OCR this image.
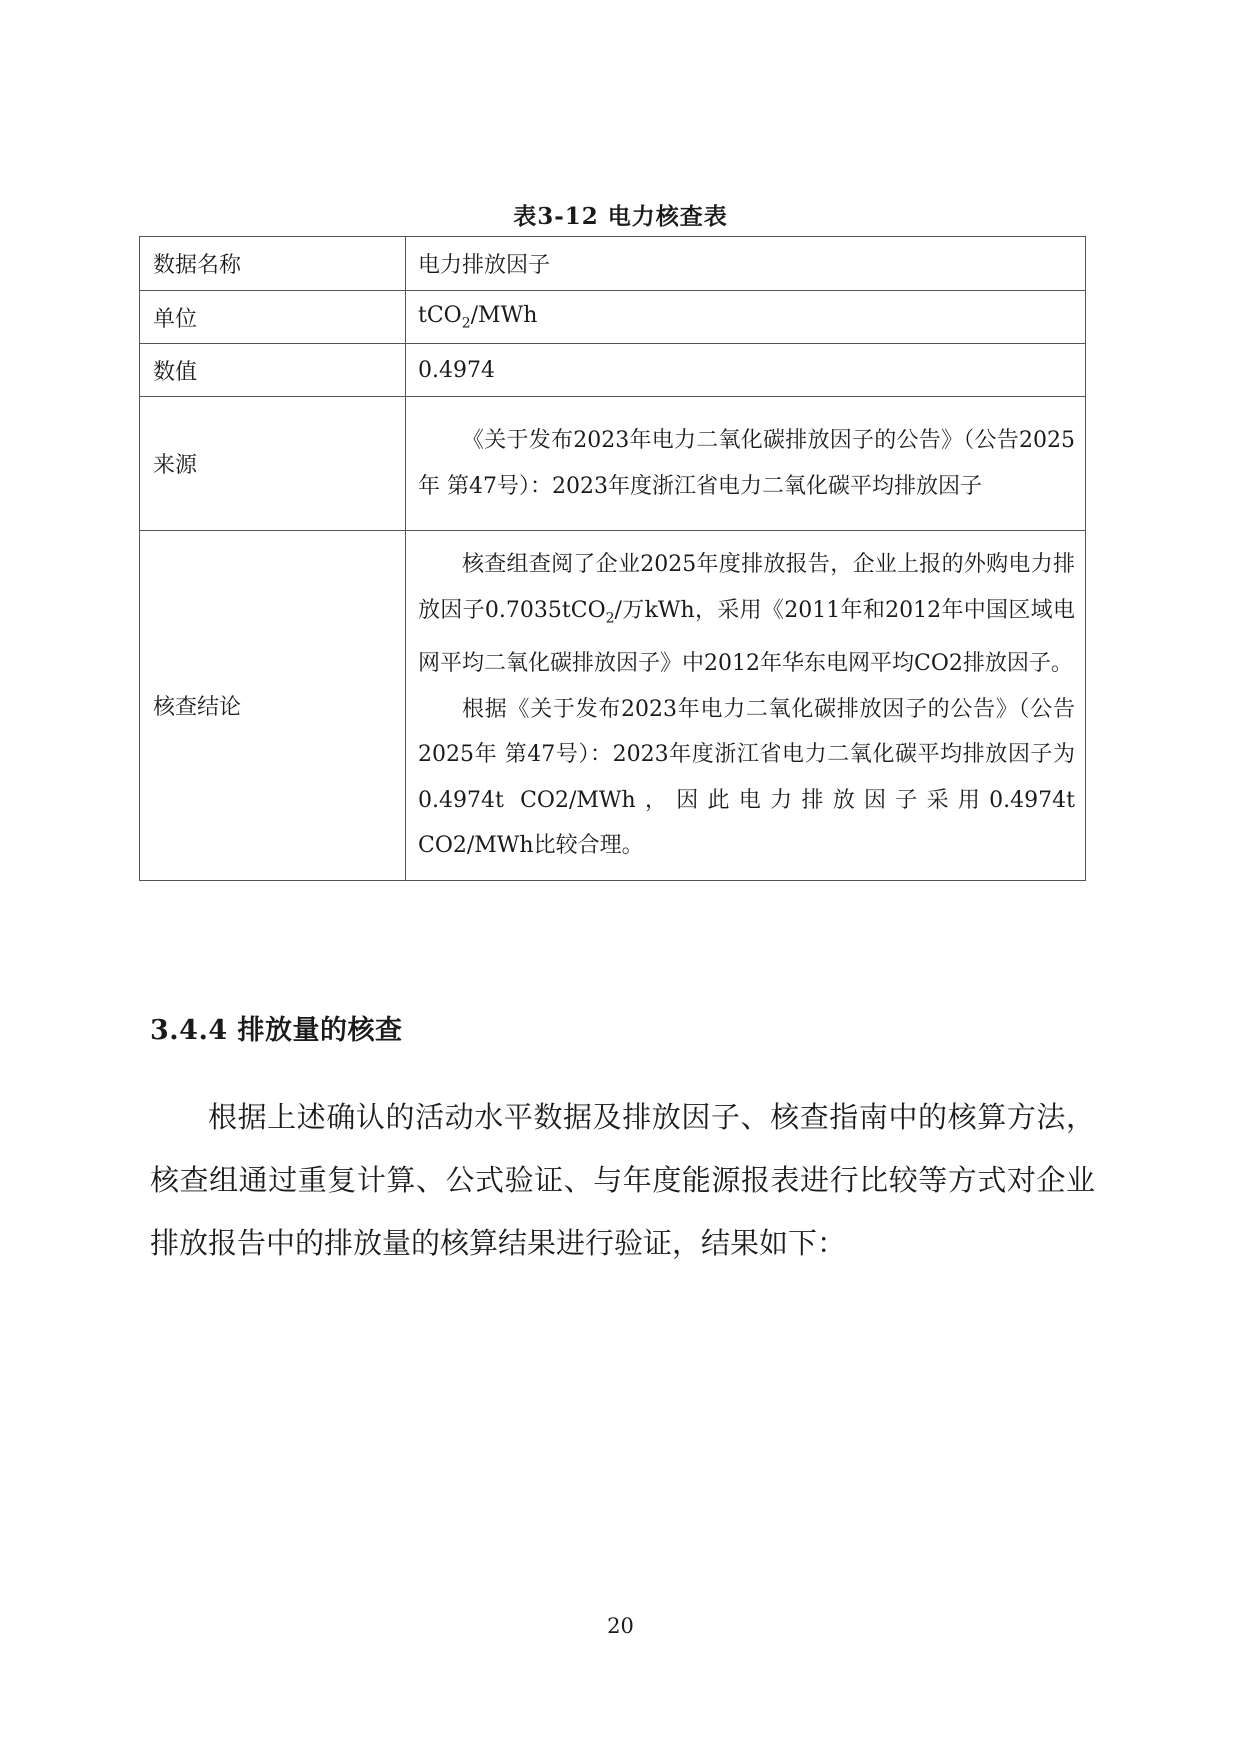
表3-12 电力核查表
数据名称	电力排放因子
单位	tCO$_2$/MWh
数值	0.4974
来源	《关于发布2023年电力二氧化碳排放因子的公告》（公告2025年 第47号）：2023年度浙江省电力二氧化碳平均排放因子

核查结论	核查组查阅了企业2025年度排放报告，企业上报的外购电力排放因子0.7035tCO$_2$/万kWh，采用《2011年和2012年中国区域电网平均二氧化碳排放因子》中2012年华东电网平均CO2排放因子。
根据《关于发布2023年电力二氧化碳排放因子的公告》（公告 2025年 第47号）：2023年度浙江省电力二氧化碳平均排放因子为0.4974t CO2/MWh，因此电力排放因子采用0.4974t CO2/MWh比较合理。
3.4.4 排放量的核查

根据上述确认的活动水平数据及排放因子、核查指南中的核算方法，核查组通过重复计算、公式验证、与年度能源报表进行比较等方式对企业排放报告中的排放量的核算结果进行验证，结果如下：

20
